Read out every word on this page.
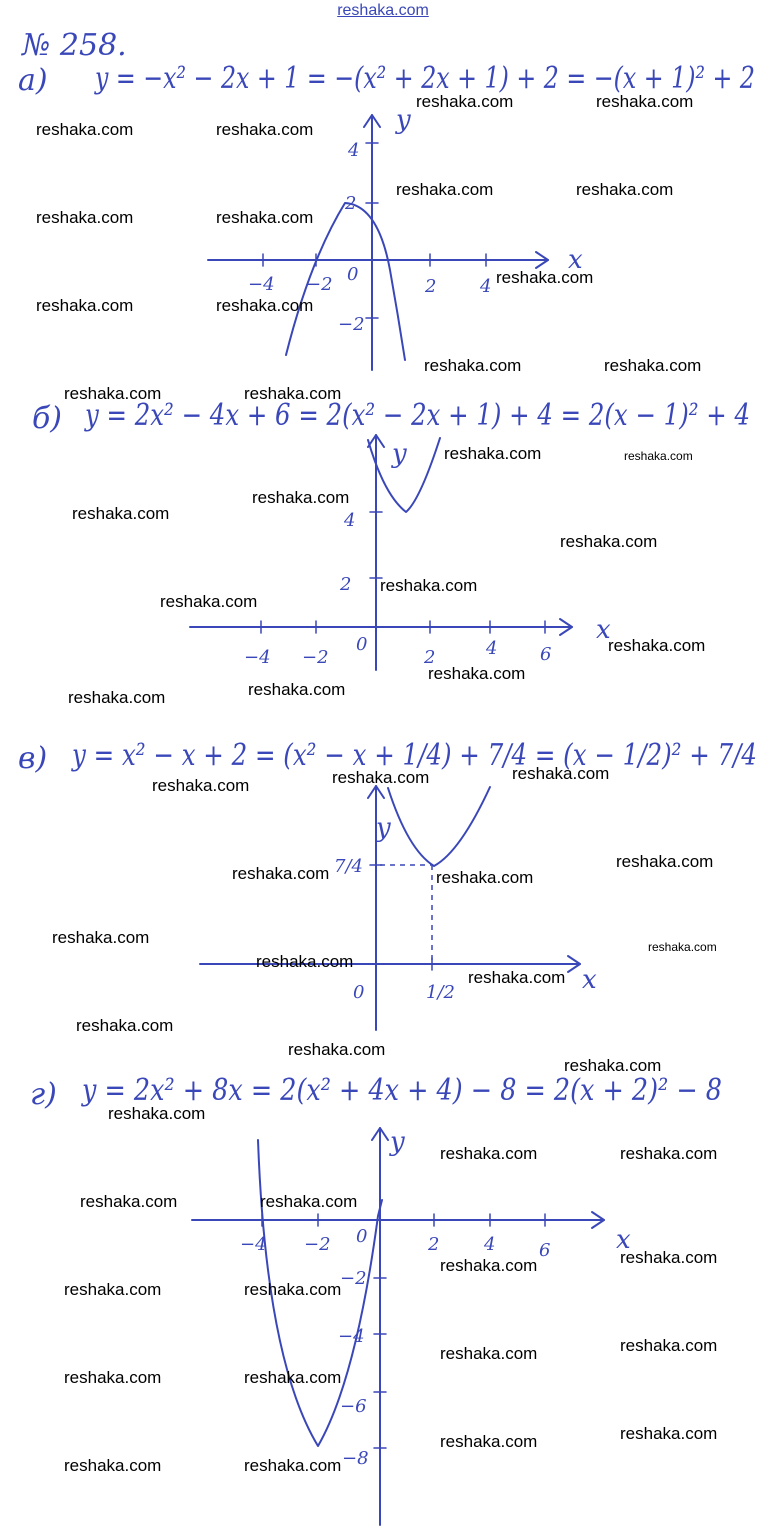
reshaka.com
№ 258.
а) y = −x² − 2x + 1 = −(x² + 2x + 1) + 2 = −(x + 1)² + 2
x
y
−4 −2	2 4
4
2
−2
0
б) y = 2x² − 4x + 6 = 2(x² − 2x + 1) + 4 = 2(x − 1)² + 4
x
y
−4 −2	2	4 6
4
2
0
в) y = x² − x + 2 = (x² − x + 1/4) + 7/4 = (x − 1/2)² + 7/4
x
y
1/2
7/4
0
г) y = 2x² + 8x = 2(x² + 4x + 4) − 8 = 2(x + 2)² − 8
x
y
−4 −2	2 4 6
−2
−4
−6
−8
0
reshaka.com	reshaka.com
reshaka.com	reshaka.com
reshaka.com	reshaka.com
reshaka.com	reshaka.com
reshaka.com
reshaka.com	reshaka.com
reshaka.com	reshaka.com
reshaka.com	reshaka.com
reshaka.com	reshaka.com
reshaka.com
reshaka.com
reshaka.com
reshaka.com
reshaka.com
reshaka.com
reshaka.com
reshaka.com
reshaka.com
reshaka.com	reshaka.com
reshaka.com
reshaka.com
reshaka.com	reshaka.com
reshaka.com	reshaka.com
reshaka.com
reshaka.com
reshaka.com
reshaka.com
reshaka.com
reshaka.com
reshaka.com	reshaka.com
reshaka.com	reshaka.com
reshaka.com
reshaka.com
reshaka.com	reshaka.com
reshaka.com
reshaka.com
reshaka.com	reshaka.com
reshaka.com
reshaka.com
reshaka.com	reshaka.com
